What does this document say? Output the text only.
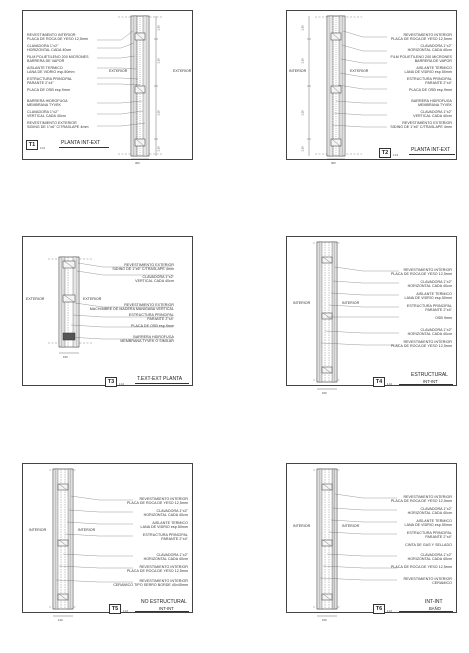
REVESTIMIENTO INTERIOR
PLACA DE ROCA DE YESO 12,5mm
CLAVADORA 1"x2"
HORIZONTAL CADA 40cm
FILM POLIETILENO 200 MICRONES
BARRERA DE VAPOR
AISLANTE TERMICO
LANA DE VIDRIO esp.50mm
ESTRUCTURA PRINCIPAL
PARANTE 2"x4"
PLACA DE OSB esp.9mm
BARRERA HIDROFUGA
MEMBRANA TYVEK
CLAVADORA 1"x2"
VERTICAL CADA 40cm
REVESTIMIENTO EXTERIOR
SIDING DE 1"x6" C/TRASLAPE 4mm
EXTERIOR	EXTERIOR
300
1.20
1.20
1.20
1.20
T1	PLANTA INT-EXT
1:10
REVESTIMIENTO INTERIOR
PLACA DE ROCA DE YESO 12,5mm
CLAVADORA 1"x2"
HORIZONTAL CADA 40cm
FILM POLIETILENO 200 MICRONES
BARRERA DE VAPOR
AISLANTE TERMICO
LANA DE VIDRIO esp.50mm
ESTRUCTURA PRINCIPAL
PARANTE 2"x4"
PLACA DE OSB esp.9mm
BARRERA HIDROFUGA
MEMBRANA TYVEK
CLAVADORA 1"x2"
VERTICAL CADA 40cm
REVESTIMIENTO EXTERIOR
SIDING DE 1"x6" C/TRASLAPE 4mm
INTERIOR	EXTERIOR
300
1.20
1.20
1.20
1.20
T2	PLANTA INT-EXT
1:10
REVESTIMIENTO EXTERIOR
SIDING DE 1"x6" C/TRASLAPE 4mm
CLAVADORA 1"x2"
VERTICAL CADA 40cm
REVESTIMIENTO EXTERIOR
MACHIMBRE DE MADERA MANIGABA VERTICAL
ESTRUCTURA PRINCIPAL
PARANTE 2"x4"
PLACA DE OSB esp.9mm
BARRERA HIDROFUGA
MEMBRANA TYVEK O SIMILAR
EXTERIOR	EXTERIOR
150
T3	T.EXT-EXT PLANTA
1:10
REVESTIMIENTO INTERIOR
PLACA DE ROCA DE YESO 12,5mm
CLAVADORA 1"x2"
HORIZONTAL CADA 40cm
AISLANTE TERMICO
LANA DE VIDRIO esp.50mm
ESTRUCTURA PRINCIPAL
PARANTE 2"x4"
OSB 9mm
CLAVADORA 1"x2"
HORIZONTAL CADA 40cm
REVESTIMIENTO INTERIOR
PLACA DE ROCA DE YESO 12,5mm
INTERIOR	INTERIOR
150
T4
ESTRUCTURAL
INT-INT
1:10
REVESTIMIENTO INTERIOR
PLACA DE ROCA DE YESO 12,5mm
CLAVADORA 1"x2"
HORIZONTAL CADA 40cm
AISLANTE TERMICO
LANA DE VIDRIO esp.50mm
ESTRUCTURA PRINCIPAL
PARANTE 2"x4"
CLAVADORA 1"x2"
HORIZONTAL CADA 40cm
REVESTIMIENTO INTERIOR
PLACA DE ROCA DE YESO 12,5mm
REVESTIMIENTO INTERIOR
CERAMICO TIPO SERRO BORDE 40x40mm
INTERIOR	INTERIOR
140
T5
NO ESTRUCTURAL
INT-INT
1:10
REVESTIMIENTO INTERIOR
PLACA DE ROCA DE YESO 12,5mm
CLAVADORA 1"x2"
HORIZONTAL CADA 40cm
AISLANTE TERMICO
LANA DE VIDRIO esp.50mm
ESTRUCTURA PRINCIPAL
PARANTE 2"x4"
CINTA DE GAS Y SELLADO
CLAVADORA 1"x2"
HORIZONTAL CADA 40cm
PLACA DE ROCA DE YESO 12,5mm
REVESTIMIENTO INTERIOR
CERAMICO
INTERIOR	INTERIOR
150
T6
INT-INT
BAÑO
1:10
